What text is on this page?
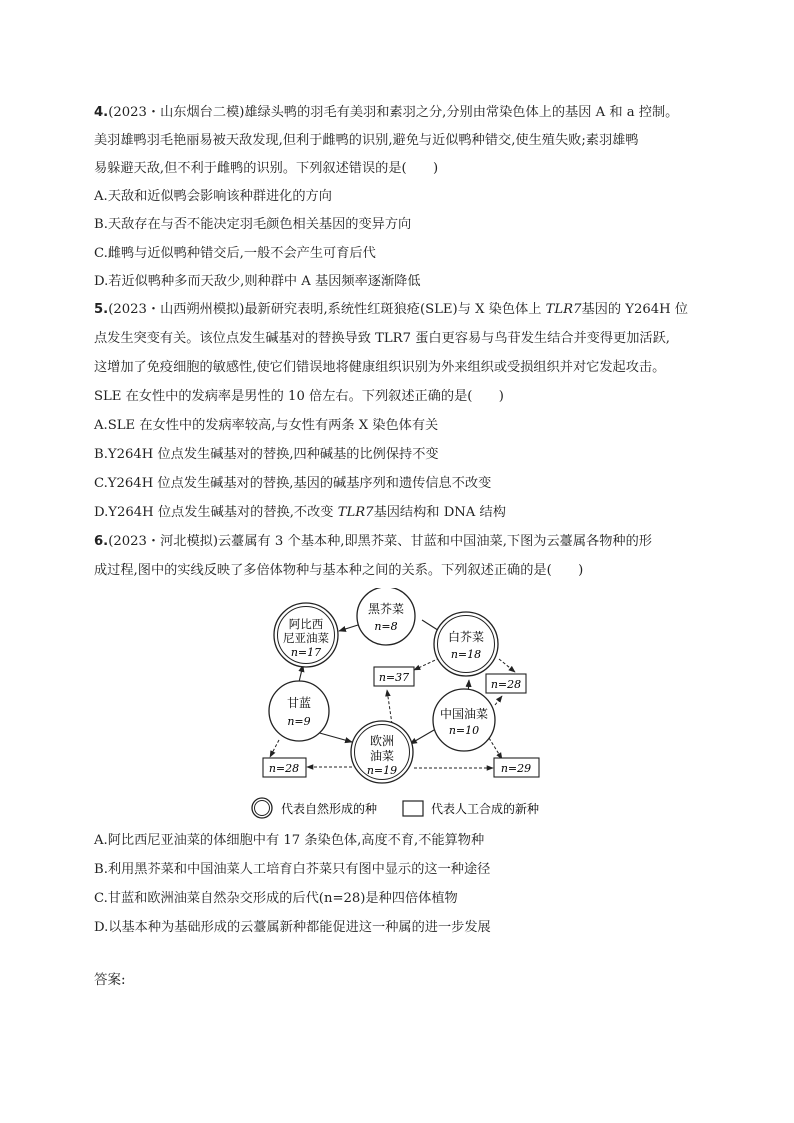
4.(2023・山东烟台二模)雄绿头鸭的羽毛有美羽和素羽之分,分别由常染色体上的基因 A 和 a 控制。
美羽雄鸭羽毛艳丽易被天敌发现,但利于雌鸭的识别,避免与近似鸭种错交,使生殖失败;素羽雄鸭
易躲避天敌,但不利于雌鸭的识别。下列叙述错误的是(　　)
A.天敌和近似鸭会影响该种群进化的方向
B.天敌存在与否不能决定羽毛颜色相关基因的变异方向
C.雌鸭与近似鸭种错交后,一般不会产生可育后代
D.若近似鸭种多而天敌少,则种群中 A 基因频率逐渐降低
5.(2023・山西朔州模拟)最新研究表明,系统性红斑狼疮(SLE)与 X 染色体上 TLR7基因的 Y264H 位
点发生突变有关。该位点发生碱基对的替换导致 TLR7 蛋白更容易与鸟苷发生结合并变得更加活跃,
这增加了免疫细胞的敏感性,使它们错误地将健康组织识别为外来组织或受损组织并对它发起攻击。
SLE 在女性中的发病率是男性的 10 倍左右。下列叙述正确的是(　　)
A.SLE 在女性中的发病率较高,与女性有两条 X 染色体有关
B.Y264H 位点发生碱基对的替换,四种碱基的比例保持不变
C.Y264H 位点发生碱基对的替换,基因的碱基序列和遗传信息不改变
D.Y264H 位点发生碱基对的替换,不改变 TLR7基因结构和 DNA 结构
6.(2023・河北模拟)云薹属有 3 个基本种,即黑芥菜、甘蓝和中国油菜,下图为云薹属各物种的形
成过程,图中的实线反映了多倍体物种与基本种之间的关系。下列叙述正确的是(　　)
黑芥菜
n=8
甘蓝
n=9
中国油菜
n=10
阿比西
尼亚油菜
n=17
白芥菜
n=18
欧洲
油菜
n=19
n=37
n=28
n=28	n=29
代表自然形成的种	代表人工合成的新种
A.阿比西尼亚油菜的体细胞中有 17 条染色体,高度不育,不能算物种
B.利用黑芥菜和中国油菜人工培育白芥菜只有图中显示的这一种途径
C.甘蓝和欧洲油菜自然杂交形成的后代(n=28)是种四倍体植物
D.以基本种为基础形成的云薹属新种都能促进这一种属的进一步发展
答案:
